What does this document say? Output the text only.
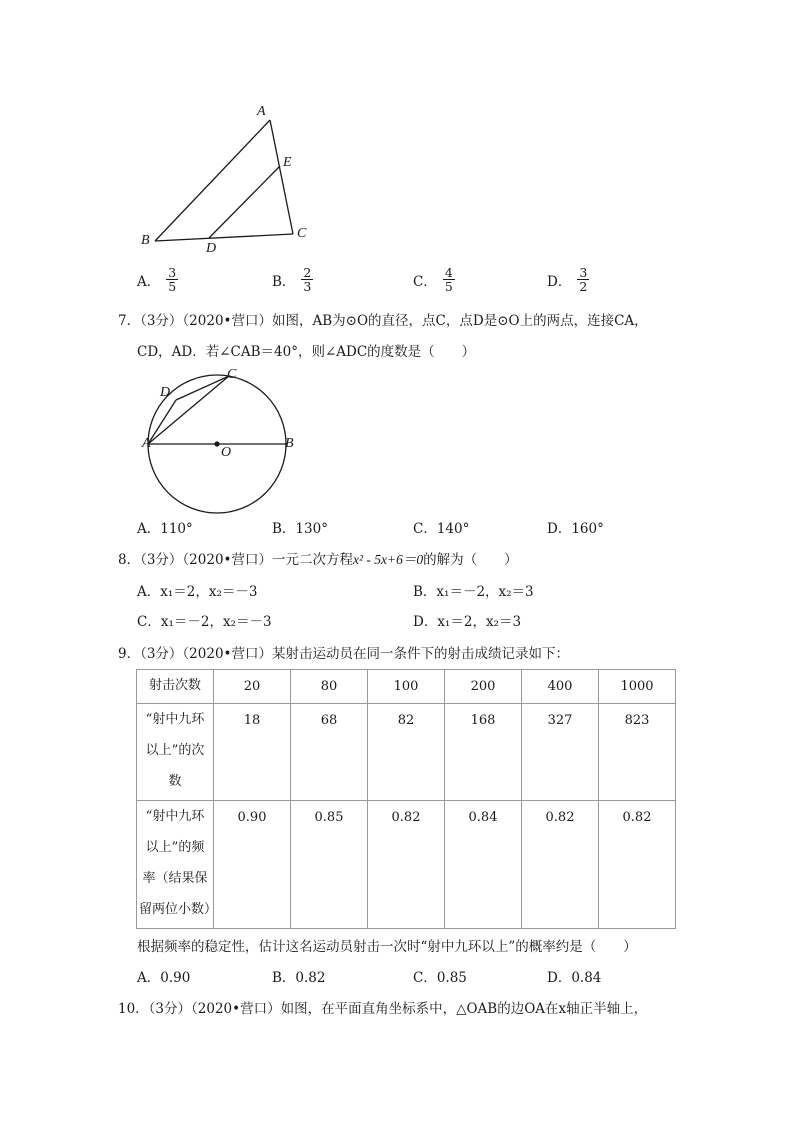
A
E
B
D
C
A． $\frac{3}{5}$	B． $\frac{2}{3}$	C． $\frac{4}{5}$	D． $\frac{3}{2}$
7．（3分）（2020•营口）如图，AB为⊙O的直径，点C，点D是⊙O上的两点，连接CA，
CD，AD．若∠CAB＝40°，则∠ADC的度数是（　　）
C
D
A
O
B
A．110°	B．130°	C．140°	D．160°
8．（3分）（2020•营口）一元二次方程x² - 5x+6＝0的解为（　　）
A．x₁＝2，x₂＝－3	B．x₁＝－2，x₂＝3
C．x₁＝－2，x₂＝－3	D．x₁＝2，x₂＝3
9．（3分）（2020•营口）某射击运动员在同一条件下的射击成绩记录如下：
射击次数	20	80	100	200	400	1000

“射中九环
以上”的次
数	18	68	82	168	327	823

“射中九环
以上”的频
率（结果保
留两位小数）	0.90	0.85	0.82	0.84	0.82	0.82
根据频率的稳定性，估计这名运动员射击一次时“射中九环以上”的概率约是（　　）
A．0.90	B．0.82	C．0.85	D．0.84
10．（3分）（2020•营口）如图，在平面直角坐标系中，△OAB的边OA在x轴正半轴上，
